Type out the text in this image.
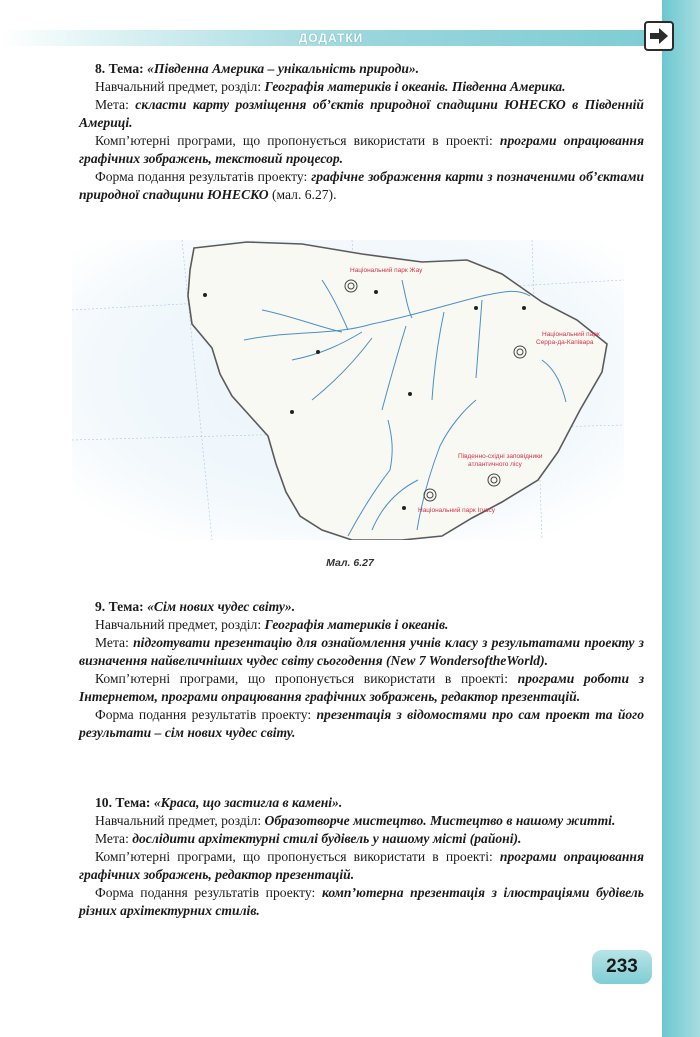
ДОДАТКИ

8. Тема: «Південна Америка – унікальність природи».

Навчальний предмет, розділ: Географія материків і океанів. Південна Америка.

Мета: скласти карту розміщення об’єктів природної спадщини ЮНЕСКО в Південній Америці.

Комп’ютерні програми, що пропонується використати в проекті: програми опрацювання графічних зображень, текстовий процесор.

Форма подання результатів проекту: графічне зображення карти з позначеними об’єктами природної спадщини ЮНЕСКО (мал. 6.27).

Національний парк Жау
Національний парк
Серра-да-Капівара
Південно-східні заповідники
атлантичного лісу
Національний парк Ігуасу
Мал. 6.27

9. Тема: «Сім нових чудес світу».

Навчальний предмет, розділ: Географія материків і океанів.

Мета: підготувати презентацію для ознайомлення учнів класу з результатами проекту з визначення найвеличніших чудес світу сьогодення (New 7 WondersoftheWorld).

Комп’ютерні програми, що пропонується використати в проекті: програми роботи з Інтернетом, програми опрацювання графічних зображень, редактор презентацій.

Форма подання результатів проекту: презентація з відомостями про сам проект та його результати – сім нових чудес світу.

10. Тема: «Краса, що застигла в камені».

Навчальний предмет, розділ: Образотворче мистецтво. Мистецтво в нашому житті.

Мета: дослідити архітектурні стилі будівель у нашому місті (районі).

Комп’ютерні програми, що пропонується використати в проекті: програми опрацювання графічних зображень, редактор презентацій.

Форма подання результатів проекту: комп’ютерна презентація з ілюстраціями будівель різних архітектурних стилів.

233
